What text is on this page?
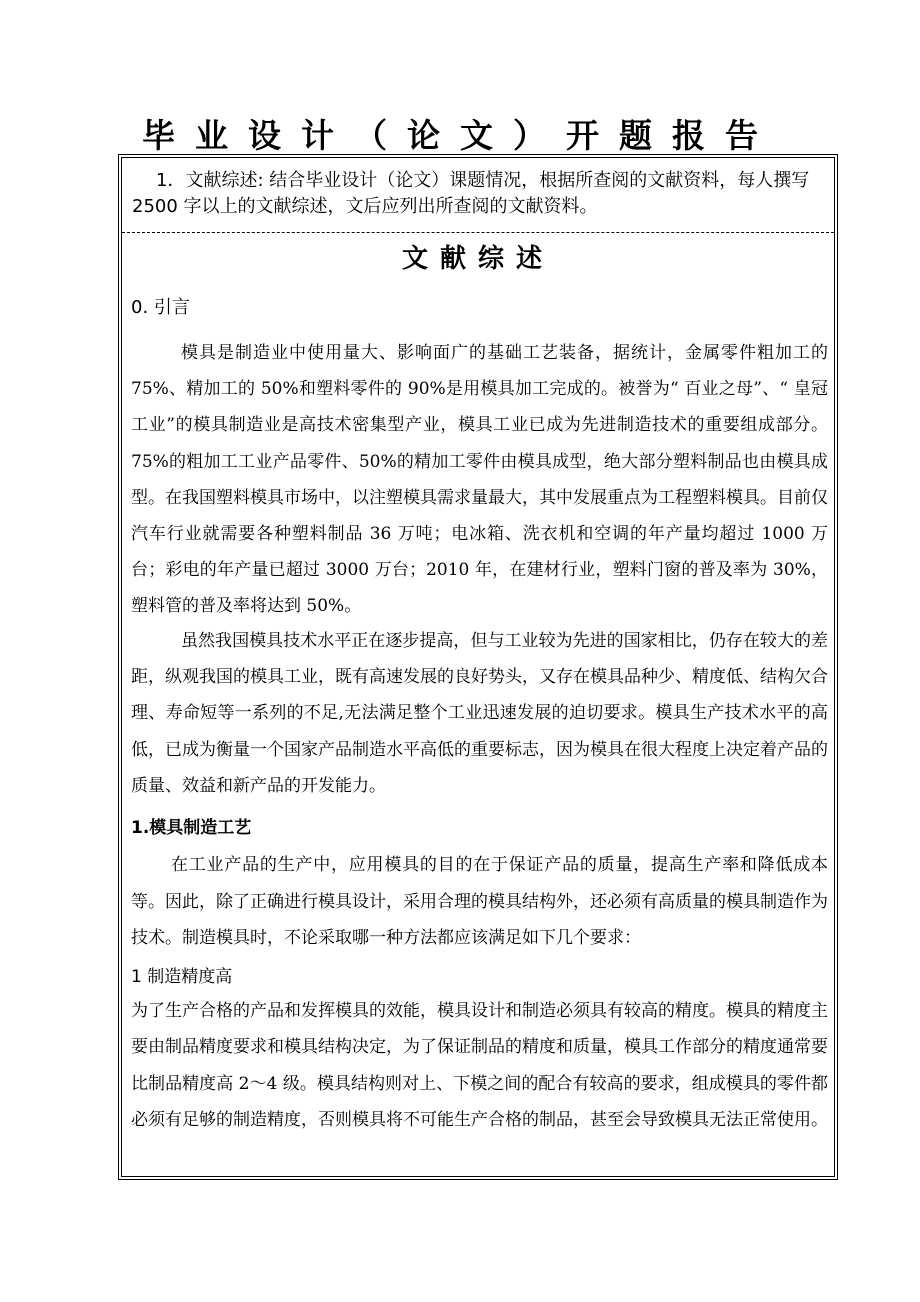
毕业设计（论文）开题报告

1．文献综述: 结合毕业设计（论文）课题情况，根据所查阅的文献资料，每人撰写 2500 字以上的文献综述，文后应列出所查阅的文献资料。

文献综述
0. 引言

模具是制造业中使用量大、影响面广的基础工艺装备，据统计，金属零件粗加工的 75%、精加工的 50%和塑料零件的 90%是用模具加工完成的。被誉为“ 百业之母”、“ 皇冠工业”的模具制造业是高技术密集型产业，模具工业已成为先进制造技术的重要组成部分。75%的粗加工工业产品零件、50%的精加工零件由模具成型，绝大部分塑料制品也由模具成型。在我国塑料模具市场中，以注塑模具需求量最大，其中发展重点为工程塑料模具。目前仅汽车行业就需要各种塑料制品 36 万吨；电冰箱、洗衣机和空调的年产量均超过 1000 万台；彩电的年产量已超过 3000 万台；2010 年，在建材行业，塑料门窗的普及率为 30%，塑料管的普及率将达到 50%。

虽然我国模具技术水平正在逐步提高，但与工业较为先进的国家相比，仍存在较大的差距，纵观我国的模具工业，既有高速发展的良好势头，又存在模具品种少、精度低、结构欠合理、寿命短等一系列的不足,无法满足整个工业迅速发展的迫切要求。模具生产技术水平的高低，已成为衡量一个国家产品制造水平高低的重要标志，因为模具在很大程度上决定着产品的质量、效益和新产品的开发能力。

1.模具制造工艺

在工业产品的生产中，应用模具的目的在于保证产品的质量，提高生产率和降低成本等。因此，除了正确进行模具设计，采用合理的模具结构外，还必须有高质量的模具制造作为技术。制造模具时，不论采取哪一种方法都应该满足如下几个要求：

1 制造精度高

为了生产合格的产品和发挥模具的效能，模具设计和制造必须具有较高的精度。模具的精度主要由制品精度要求和模具结构决定，为了保证制品的精度和质量，模具工作部分的精度通常要比制品精度高 2～4 级。模具结构则对上、下模之间的配合有较高的要求，组成模具的零件都必须有足够的制造精度，否则模具将不可能生产合格的制品，甚至会导致模具无法正常使用。
